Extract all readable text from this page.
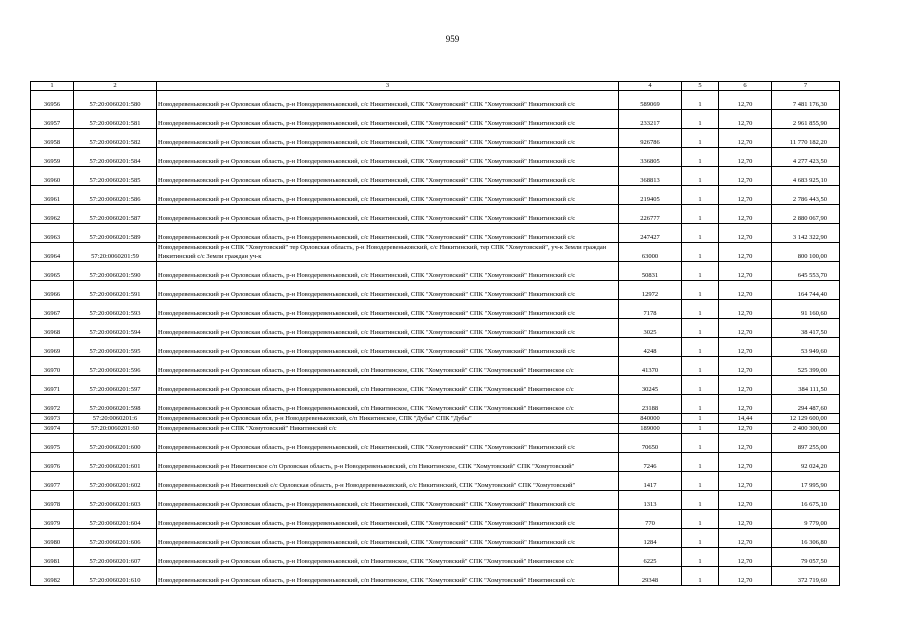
959
1	2	3	4	5	6	7
36956	57:20:0060201:580	Новодеревеньковский р-н Орловская область, р-н Новодеревеньковский, с/с Никитинский, СПК "Хомутовский" СПК "Хомутовский" Никитинский с/с	589069	1	12,70	7 481 176,30
36957	57:20:0060201:581	Новодеревеньковский р-н Орловская область, р-н Новодеревеньковский, с/с Никитинский, СПК "Хомутовский" СПК "Хомутовский" Никитинский с/с	233217	1	12,70	2 961 855,90
36958	57:20:0060201:582	Новодеревеньковский р-н Орловская область, р-н Новодеревеньковский, с/с Никитинский, СПК "Хомутовский" СПК "Хомутовский" Никитинский с/с	926786	1	12,70	11 770 182,20
36959	57:20:0060201:584	Новодеревеньковский р-н Орловская область, р-н Новодеревеньковский, с/с Никитинский, СПК "Хомутовский" СПК "Хомутовский" Никитинский с/с	336805	1	12,70	4 277 423,50
36960	57:20:0060201:585	Новодеревеньковский р-н Орловская область, р-н Новодеревеньковский, с/с Никитинский, СПК "Хомутовский" СПК "Хомутовский" Никитинский с/с	368813	1	12,70	4 683 925,10
36961	57:20:0060201:586	Новодеревеньковский р-н Орловская область, р-н Новодеревеньковский, с/с Никитинский, СПК "Хомутовский" СПК "Хомутовский" Никитинский с/с	219405	1	12,70	2 786 443,50
36962	57:20:0060201:587	Новодеревеньковский р-н Орловская область, р-н Новодеревеньковский, с/с Никитинский, СПК "Хомутовский" СПК "Хомутовский" Никитинский с/с	226777	1	12,70	2 880 067,90
36963	57:20:0060201:589	Новодеревеньковский р-н Орловская область, р-н Новодеревеньковский, с/с Никитинский, СПК "Хомутовский" СПК "Хомутовский" Никитинский с/с	247427	1	12,70	3 142 322,90
36964	57:20:0060201:59	Новодеревеньковский р-н СПК "Хомутовский" тер Орловская область, р-н Новодеревеньковский, с/с Никитинский, тер СПК "Хомутовский", уч-к Земли граждан Никитинский с/с Земли граждан уч-к	63000	1	12,70	800 100,00
36965	57:20:0060201:590	Новодеревеньковский р-н Орловская область, р-н Новодеревеньковский, с/с Никитинский, СПК "Хомутовский" СПК "Хомутовский" Никитинский с/с	50831	1	12,70	645 553,70
36966	57:20:0060201:591	Новодеревеньковский р-н Орловская область, р-н Новодеревеньковский, с/с Никитинский, СПК "Хомутовский" СПК "Хомутовский" Никитинский с/с	12972	1	12,70	164 744,40
36967	57:20:0060201:593	Новодеревеньковский р-н Орловская область, р-н Новодеревеньковский, с/с Никитинский, СПК "Хомутовский" СПК "Хомутовский" Никитинский с/с	7178	1	12,70	91 160,60
36968	57:20:0060201:594	Новодеревеньковский р-н Орловская область, р-н Новодеревеньковский, с/с Никитинский, СПК "Хомутовский" СПК "Хомутовский" Никитинский с/с	3025	1	12,70	38 417,50
36969	57:20:0060201:595	Новодеревеньковский р-н Орловская область, р-н Новодеревеньковский, с/с Никитинский, СПК "Хомутовский" СПК "Хомутовский" Никитинский с/с	4248	1	12,70	53 949,60
36970	57:20:0060201:596	Новодеревеньковский р-н Орловская область, р-н Новодеревеньковский, с/п Никитинское, СПК "Хомутовский" СПК "Хомутовский" Никитинское с/с	41370	1	12,70	525 399,00
36971	57:20:0060201:597	Новодеревеньковский р-н Орловская область, р-н Новодеревеньковский, с/п Никитинское, СПК "Хомутовский" СПК "Хомутовский" Никитинское с/с	30245	1	12,70	384 111,50
36972	57:20:0060201:598	Новодеревеньковский р-н Орловская область, р-н Новодеревеньковский, с/п Никитинское, СПК "Хомутовский" СПК "Хомутовский" Никитинское с/с	23188	1	12,70	294 487,60
36973	57:20:0060201:6	Новодеревеньковский р-н Орловская обл, р-н Новодеревеньковский, с/п Никитинское, СПК "Дубы" СПК "Дубы"	840000	1	14,44	12 129 600,00
36974	57:20:0060201:60	Новодеревеньковский р-н СПК "Хомутовский" Никитинский с/с	189000	1	12,70	2 400 300,00
36975	57:20:0060201:600	Новодеревеньковский р-н Орловская область, р-н Новодеревеньковский, с/с Никитинский, СПК "Хомутовский" СПК "Хомутовский" Никитинский с/с	70650	1	12,70	897 255,00
36976	57:20:0060201:601	Новодеревеньковский р-н Никитинское с/п Орловская область, р-н Новодеревеньковский, с/п Никитинское, СПК "Хомутовский" СПК "Хомутовский"	7246	1	12,70	92 024,20
36977	57:20:0060201:602	Новодеревеньковский р-н Никитинский с/с Орловская область, р-н Новодеревеньковский, с/с Никитинский, СПК "Хомутовский" СПК "Хомутовский"	1417	1	12,70	17 995,90
36978	57:20:0060201:603	Новодеревеньковский р-н Орловская область, р-н Новодеревеньковский, с/с Никитинский, СПК "Хомутовский" СПК "Хомутовский" Никитинский с/с	1313	1	12,70	16 675,10
36979	57:20:0060201:604	Новодеревеньковский р-н Орловская область, р-н Новодеревеньковский, с/с Никитинский, СПК "Хомутовский" СПК "Хомутовский" Никитинский с/с	770	1	12,70	9 779,00
36980	57:20:0060201:606	Новодеревеньковский р-н Орловская область, р-н Новодеревеньковский, с/с Никитинский, СПК "Хомутовский" СПК "Хомутовский" Никитинский с/с	1284	1	12,70	16 306,80
36981	57:20:0060201:607	Новодеревеньковский р-н Орловская область, р-н Новодеревеньковский, с/п Никитинское, СПК "Хомутовский" СПК "Хомутовский" Никитинское с/с	6225	1	12,70	79 057,50
36982	57:20:0060201:610	Новодеревеньковский р-н Орловская область, р-н Новодеревеньковский, с/п Никитинское, СПК "Хомутовский" СПК "Хомутовский" Никитинский с/с	29348	1	12,70	372 719,60
